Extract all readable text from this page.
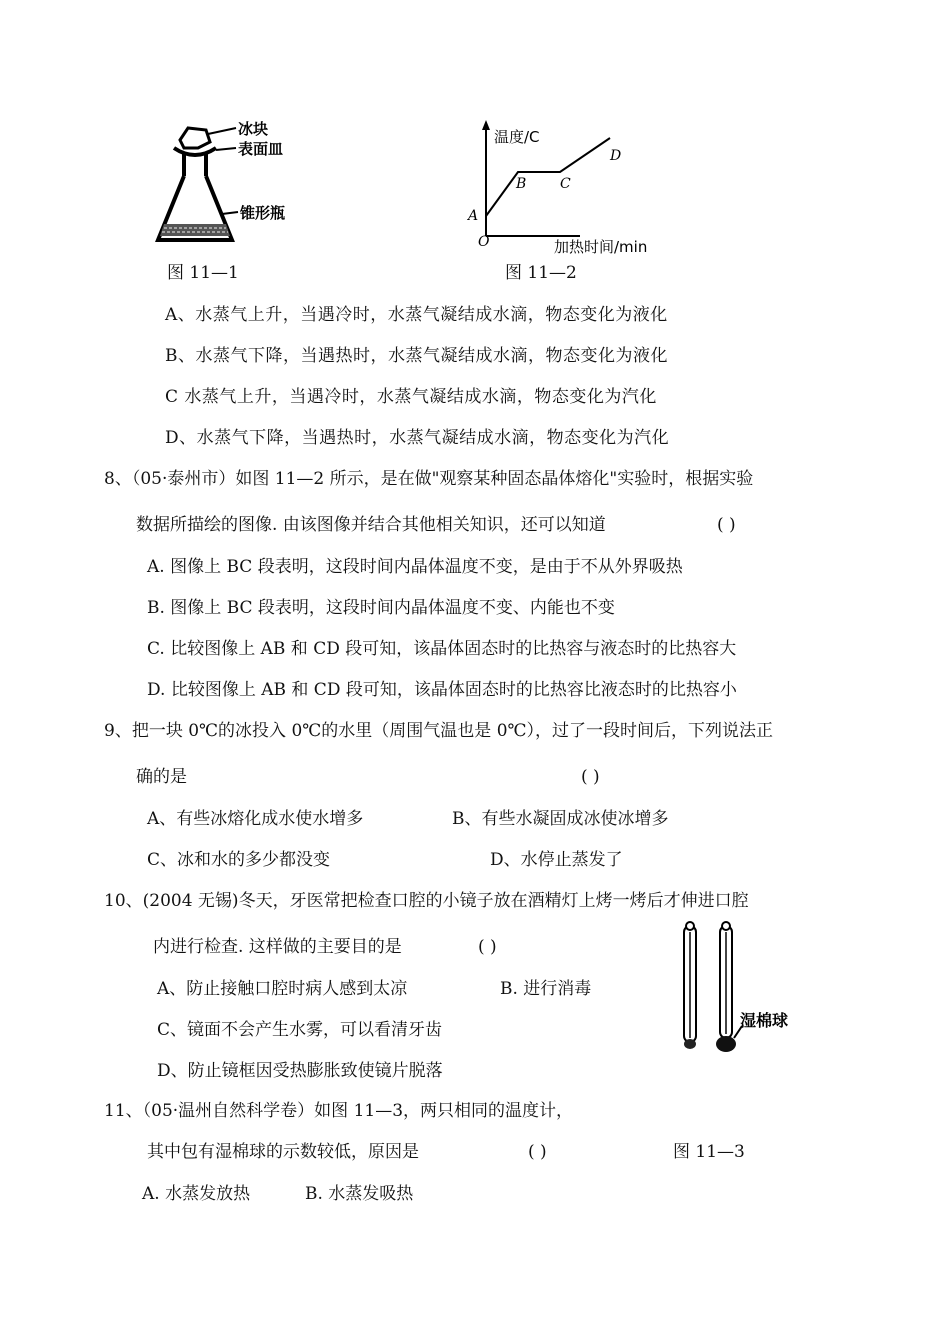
冰块
表面皿
锥形瓶
图 11—1
温度/C
加热时间/min
O
A
B C
D
图 11—2
A、水蒸气上升，当遇冷时，水蒸气凝结成水滴，物态变化为液化
B、水蒸气下降，当遇热时，水蒸气凝结成水滴，物态变化为液化
C 水蒸气上升，当遇冷时，水蒸气凝结成水滴，物态变化为汽化
D、水蒸气下降，当遇热时，水蒸气凝结成水滴，物态变化为汽化
8、（05·泰州市）如图 11—2 所示，是在做"观察某种固态晶体熔化"实验时，根据实验
数据所描绘的图像. 由该图像并结合其他相关知识，还可以知道	( )
A. 图像上 BC 段表明，这段时间内晶体温度不变，是由于不从外界吸热
B. 图像上 BC 段表明，这段时间内晶体温度不变、内能也不变
C. 比较图像上 AB 和 CD 段可知，该晶体固态时的比热容与液态时的比热容大
D. 比较图像上 AB 和 CD 段可知，该晶体固态时的比热容比液态时的比热容小
9、把一块 0℃的冰投入 0℃的水里（周围气温也是 0℃），过了一段时间后，下列说法正
确的是	( )
A、有些冰熔化成水使水增多	B、有些水凝固成冰使冰增多
C、冰和水的多少都没变	D、水停止蒸发了
10、(2004 无锡)冬天，牙医常把检查口腔的小镜子放在酒精灯上烤一烤后才伸进口腔
内进行检查. 这样做的主要目的是	( )
A、防止接触口腔时病人感到太凉	B. 进行消毒
C、镜面不会产生水雾，可以看清牙齿
D、防止镜框因受热膨胀致使镜片脱落
湿棉球
11、（05·温州自然科学卷）如图 11—3，两只相同的温度计，
其中包有湿棉球的示数较低，原因是	( )	图 11—3
A. 水蒸发放热	B. 水蒸发吸热
